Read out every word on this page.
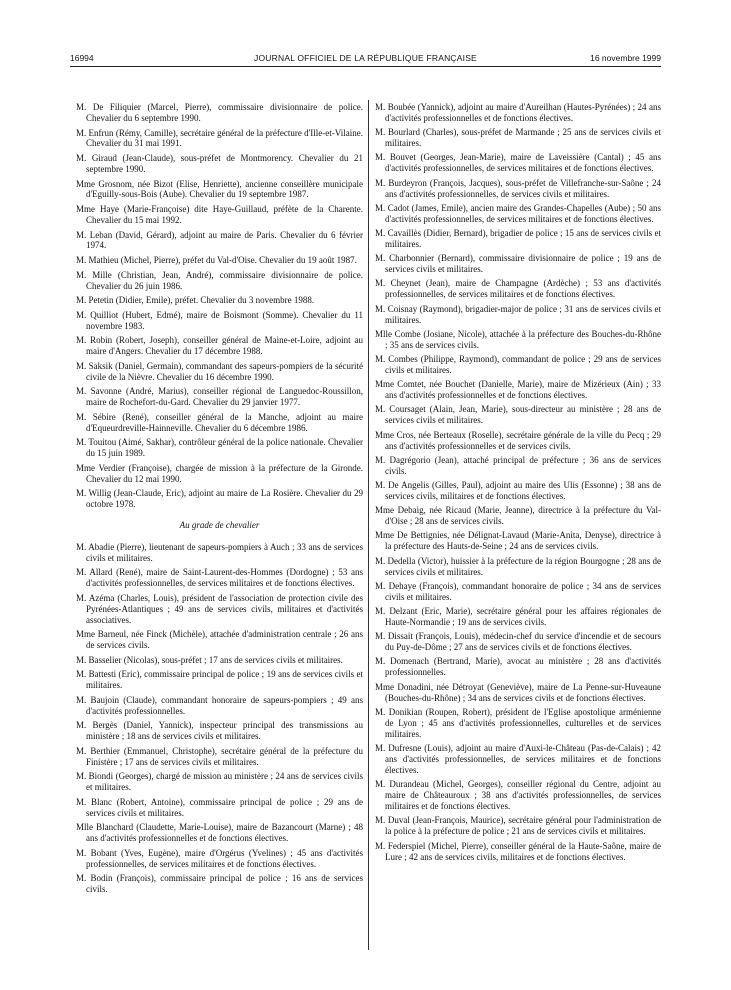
16994	JOURNAL OFFICIEL DE LA RÉPUBLIQUE FRANÇAISE	16 novembre 1999

M. De Filiquier (Marcel, Pierre), commissaire divisionnaire de police. Chevalier du 6 septembre 1990.

M. Enfrun (Rémy, Camille), secrétaire général de la préfecture d'Ille-et-Vilaine. Chevalier du 31 mai 1991.

M. Giraud (Jean-Claude), sous-préfet de Montmorency. Chevalier du 21 septembre 1990.

Mme Grosnom, née Bizot (Elise, Henriette), ancienne conseillère municipale d'Eguilly-sous-Bois (Aube). Chevalier du 19 septembre 1987.

Mme Haye (Marie-Françoise) dite Haye-Guillaud, préfète de la Charente. Chevalier du 15 mai 1992.

M. Leban (David, Gérard), adjoint au maire de Paris. Chevalier du 6 février 1974.

M. Mathieu (Michel, Pierre), préfet du Val-d'Oise. Chevalier du 19 août 1987.

M. Mille (Christian, Jean, André), commissaire divisionnaire de police. Chevalier du 26 juin 1986.

M. Petetin (Didier, Emile), préfet. Chevalier du 3 novembre 1988.

M. Quilliot (Hubert, Edmé), maire de Boismont (Somme). Chevalier du 11 novembre 1983.

M. Robin (Robert, Joseph), conseiller général de Maine-et-Loire, adjoint au maire d'Angers. Chevalier du 17 décembre 1988.

M. Saksik (Daniel, Germain), commandant des sapeurs-pompiers de la sécurité civile de la Nièvre. Chevalier du 16 décembre 1990.

M. Savonne (André, Marius), conseiller régional de Languedoc-Roussillon, maire de Rochefort-du-Gard. Chevalier du 29 janvier 1977.

M. Sébire (René), conseiller général de la Manche, adjoint au maire d'Equeurdreville-Hainneville. Chevalier du 6 décembre 1986.

M. Touitou (Aimé, Sakhar), contrôleur général de la police nationale. Chevalier du 15 juin 1989.

Mme Verdier (Françoise), chargée de mission à la préfecture de la Gironde. Chevalier du 12 mai 1990.

M. Willig (Jean-Claude, Eric), adjoint au maire de La Rosière. Chevalier du 29 octobre 1978.

Au grade de chevalier

M. Abadie (Pierre), lieutenant de sapeurs-pompiers à Auch ; 33 ans de services civils et militaires.

M. Allard (René), maire de Saint-Laurent-des-Hommes (Dordogne) ; 53 ans d'activités professionnelles, de services militaires et de fonctions électives.

M. Azéma (Charles, Louis), président de l'association de protection civile des Pyrénées-Atlantiques ; 49 ans de services civils, militaires et d'activités associatives.

Mme Barneul, née Finck (Michèle), attachée d'administration centrale ; 26 ans de services civils.

M. Basselier (Nicolas), sous-préfet ; 17 ans de services civils et militaires.

M. Battesti (Eric), commissaire principal de police ; 19 ans de services civils et militaires.

M. Baujoin (Claude), commandant honoraire de sapeurs-pompiers ; 49 ans d'activités professionnelles.

M. Bergès (Daniel, Yannick), inspecteur principal des transmissions au ministère ; 18 ans de services civils et militaires.

M. Berthier (Emmanuel, Christophe), secrétaire général de la préfecture du Finistère ; 17 ans de services civils et militaires.

M. Biondi (Georges), chargé de mission au ministère ; 24 ans de services civils et militaires.

M. Blanc (Robert, Antoine), commissaire principal de police ; 29 ans de services civils et militaires.

Mlle Blanchard (Claudette, Marie-Louise), maire de Bazancourt (Marne) ; 48 ans d'activités professionnelles et de fonctions électives.

M. Bobant (Yves, Eugène), maire d'Orgérus (Yvelines) ; 45 ans d'activités professionnelles, de services militaires et de fonctions électives.

M. Bodin (François), commissaire principal de police ; 16 ans de services civils.

M. Boubée (Yannick), adjoint au maire d'Aureilhan (Hautes-Pyrénées) ; 24 ans d'activités professionnelles et de fonctions électives.

M. Bourlard (Charles), sous-préfet de Marmande ; 25 ans de services civils et militaires.

M. Bouvet (Georges, Jean-Marie), maire de Laveissière (Cantal) ; 45 ans d'activités professionnelles, de services militaires et de fonctions électives.

M. Burdeyron (François, Jacques), sous-préfet de Villefranche-sur-Saône ; 24 ans d'activités professionnelles, de services civils et militaires.

M. Cadot (James, Emile), ancien maire des Grandes-Chapelles (Aube) ; 50 ans d'activités professionnelles, de services militaires et de fonctions électives.

M. Cavaillès (Didier, Bernard), brigadier de police ; 15 ans de services civils et militaires.

M. Charbonnier (Bernard), commissaire divisionnaire de police ; 19 ans de services civils et militaires.

M. Cheynet (Jean), maire de Champagne (Ardèche) ; 53 ans d'activités professionnelles, de services militaires et de fonctions électives.

M. Coisnay (Raymond), brigadier-major de police ; 31 ans de services civils et militaires.

Mlle Combe (Josiane, Nicole), attachée à la préfecture des Bouches-du-Rhône ; 35 ans de services civils.

M. Combes (Philippe, Raymond), commandant de police ; 29 ans de services civils et militaires.

Mme Comtet, née Bouchet (Danielle, Marie), maire de Mizérieux (Ain) ; 33 ans d'activités professionnelles et de fonctions électives.

M. Coursaget (Alain, Jean, Marie), sous-directeur au ministère ; 28 ans de services civils et militaires.

Mme Cros, née Berteaux (Roselle), secrétaire générale de la ville du Pecq ; 29 ans d'activités professionnelles et de services civils.

M. Dagrégorio (Jean), attaché principal de préfecture ; 36 ans de services civils.

M. De Angelis (Gilles, Paul), adjoint au maire des Ulis (Essonne) ; 38 ans de services civils, militaires et de fonctions électives.

Mme Debaig, née Ricaud (Marie, Jeanne), directrice à la préfecture du Val-d'Oise ; 28 ans de services civils.

Mme De Bettignies, née Délignat-Lavaud (Marie-Anita, Denyse), directrice à la préfecture des Hauts-de-Seine ; 24 ans de services civils.

M. Dedella (Victor), huissier à la préfecture de la région Bourgogne ; 28 ans de services civils et militaires.

M. Dehaye (François), commandant honoraire de police ; 34 ans de services civils et militaires.

M. Delzant (Eric, Marie), secrétaire général pour les affaires régionales de Haute-Normandie ; 19 ans de services civils.

M. Dissait (François, Louis), médecin-chef du service d'incendie et de secours du Puy-de-Dôme ; 27 ans de services civils et de fonctions électives.

M. Domenach (Bertrand, Marie), avocat au ministère ; 28 ans d'activités professionnelles.

Mme Donadini, née Détroyat (Geneviève), maire de La Penne-sur-Huveaune (Bouches-du-Rhône) ; 34 ans de services civils et de fonctions électives.

M. Donikian (Roupen, Robert), président de l'Eglise apostolique arménienne de Lyon ; 45 ans d'activités professionnelles, culturelles et de services militaires.

M. Dufresne (Louis), adjoint au maire d'Auxi-le-Château (Pas-de-Calais) ; 42 ans d'activités professionnelles, de services militaires et de fonctions électives.

M. Durandeau (Michel, Georges), conseiller régional du Centre, adjoint au maire de Châteauroux ; 38 ans d'activités professionnelles, de services militaires et de fonctions électives.

M. Duval (Jean-François, Maurice), secrétaire général pour l'administration de la police à la préfecture de police ; 21 ans de services civils et militaires.

M. Federspiel (Michel, Pierre), conseiller général de la Haute-Saône, maire de Lure ; 42 ans de services civils, militaires et de fonctions électives.
